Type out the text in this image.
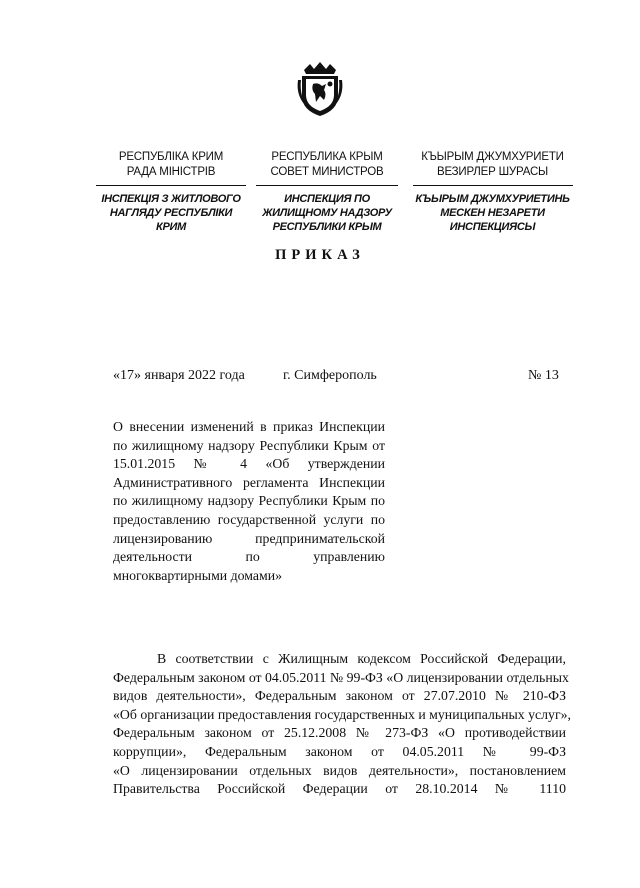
РЕСПУБЛІКА КРИМ
РАДА МІНІСТРІВ
ІНСПЕКЦІЯ З ЖИТЛОВОГО
НАГЛЯДУ РЕСПУБЛІКИ
КРИМ
РЕСПУБЛИКА КРЫМ
СОВЕТ МИНИСТРОВ
ИНСПЕКЦИЯ ПО
ЖИЛИЩНОМУ НАДЗОРУ
РЕСПУБЛИКИ КРЫМ
КЪЫРЫМ ДЖУМХУРИЕТИ
ВЕЗИРЛЕР ШУРАСЫ
КЪЫРЫМ ДЖУМХУРИЕТИНЬ
МЕСКЕН НЕЗАРЕТИ
ИНСПЕКЦИЯСЫ
ПРИКАЗ
«17» января 2022 года	г. Симферополь	№ 13
О внесении изменений в приказ Инспекции
по жилищному надзору Республики Крым от
15.01.2015 № 4 «Об утверждении
Административного регламента Инспекции
по жилищному надзору Республики Крым по
предоставлению государственной услуги по
лицензированию предпринимательской
деятельности по управлению
многоквартирными домами»
В соответствии с Жилищным кодексом Российской Федерации,
Федеральным законом от 04.05.2011 № 99-ФЗ «О лицензировании отдельных
видов деятельности», Федеральным законом от 27.07.2010 № 210-ФЗ
«Об организации предоставления государственных и муниципальных услуг»,
Федеральным законом от 25.12.2008 № 273-ФЗ «О противодействии
коррупции», Федеральным законом от 04.05.2011 № 99-ФЗ
«О лицензировании отдельных видов деятельности», постановлением
Правительства Российской Федерации от 28.10.2014 № 1110
